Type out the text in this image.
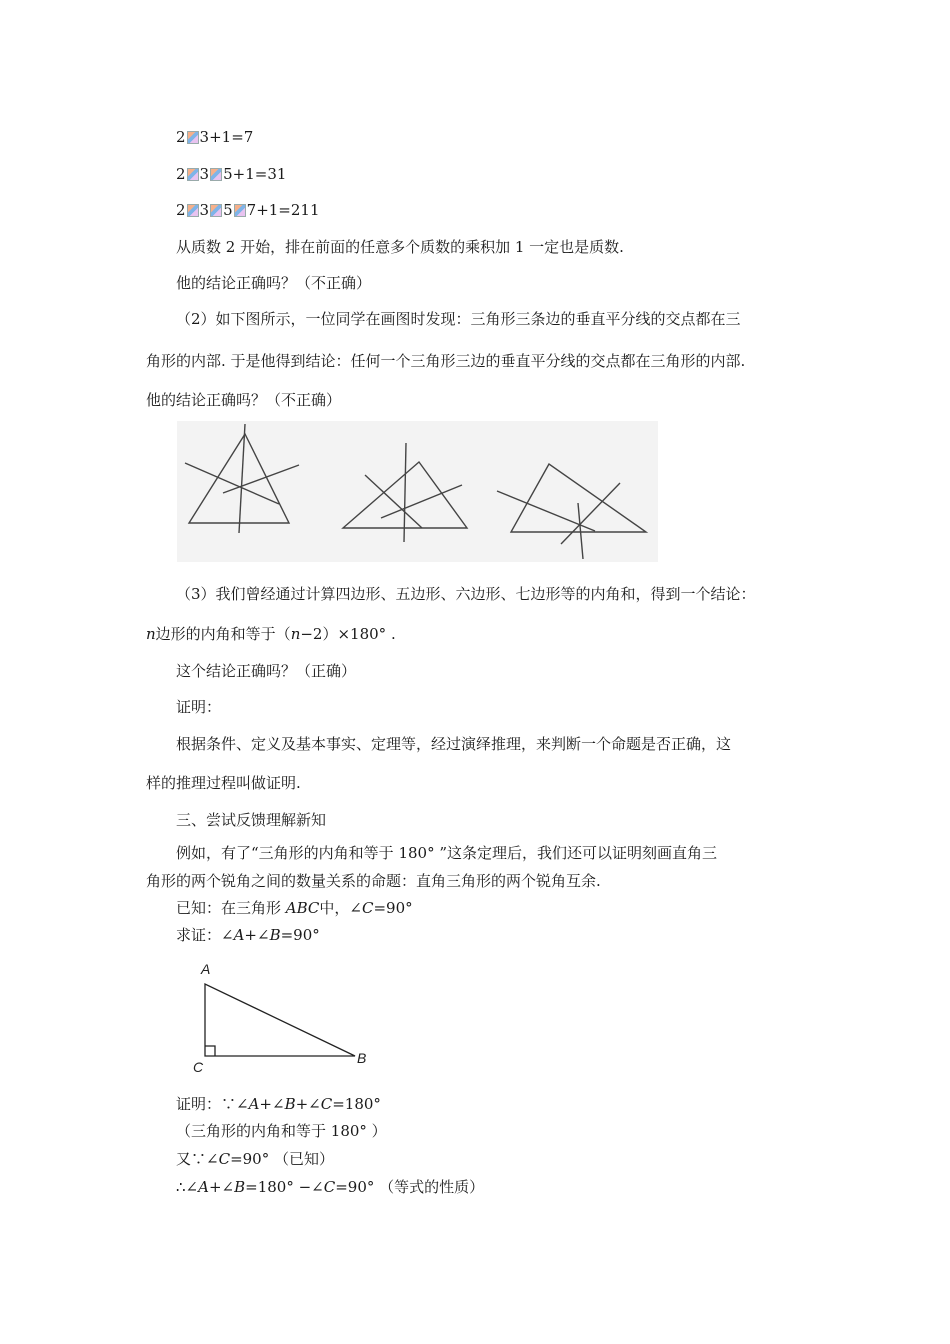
2 3+1=7
2 3 5+1=31
2 3 5 7+1=211
从质数 2 开始，排在前面的任意多个质数的乘积加 1 一定也是质数.
他的结论正确吗？（不正确）
（2）如下图所示，一位同学在画图时发现：三角形三条边的垂直平分线的交点都在三
角形的内部. 于是他得到结论：任何一个三角形三边的垂直平分线的交点都在三角形的内部.
他的结论正确吗？（不正确）
（3）我们曾经通过计算四边形、五边形、六边形、七边形等的内角和，得到一个结论：
n边形的内角和等于（n−2）×180° .
这个结论正确吗？（正确）
证明：
根据条件、定义及基本事实、定理等，经过演绎推理，来判断一个命题是否正确，这
样的推理过程叫做证明.
三、尝试反馈理解新知
例如，有了“三角形的内角和等于 180° ”这条定理后，我们还可以证明刻画直角三
角形的两个锐角之间的数量关系的命题：直角三角形的两个锐角互余.
已知：在三角形 ABC中，∠C=90°
求证：∠A+∠B=90°
A
C
B
证明：∵∠A+∠B+∠C=180°
（三角形的内角和等于 180° ）
又∵∠C=90° （已知）
∴∠A+∠B=180° −∠C=90° （等式的性质）
